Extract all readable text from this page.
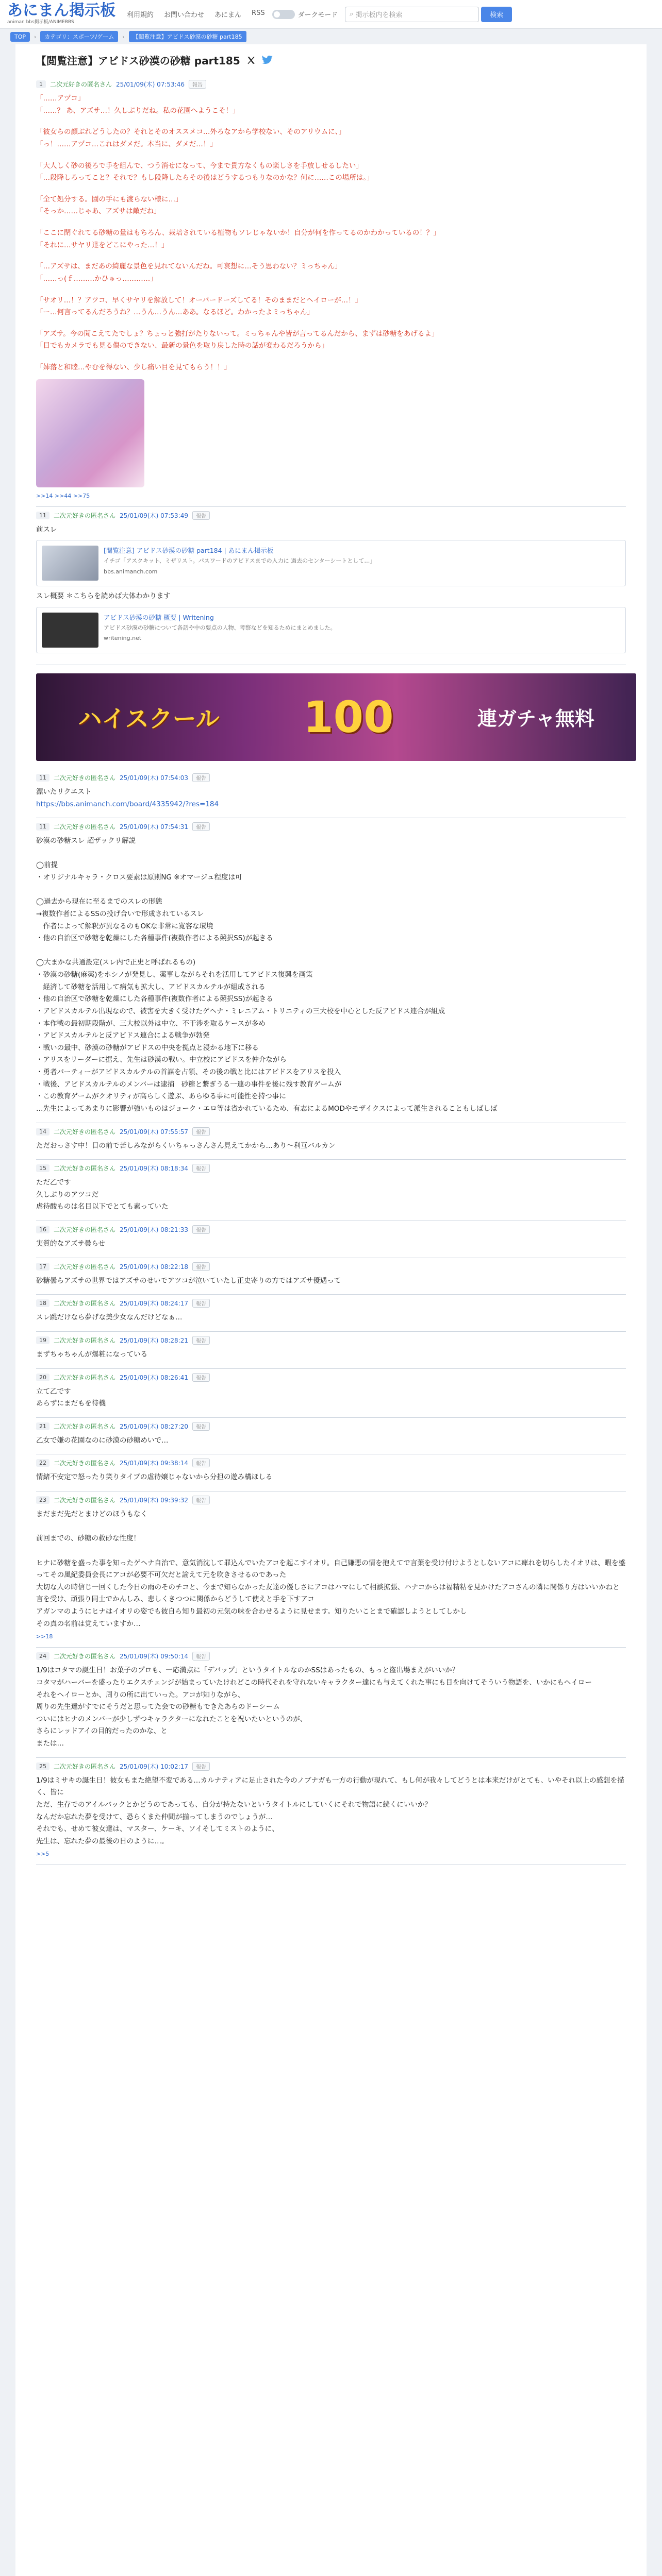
あにまん掲示板
animan bbs掲示板/ANIMEBBS
利用規約 お問い合わせ あにまん RSS	ダークモード ⌕ 掲示板内を検索	検索
TOP	›	カテゴリ：スポーツ/ゲーム	›	【閲覧注意】アビドス砂漠の砂糖 part185
【閲覧注意】アビドス砂漠の砂糖 part185
1	二次元好きの匿名さん 25/01/09(木) 07:53:46	報告
「……アヅコ」
「……？ あ、アズサ…！久しぶりだね。私の花園へようこそ！」
「彼女らの顔ぶれどうしたの？それとそのオススメコ…外ろなアから学校ない、そのアリウムに、」
「っ！……アヅコ…これはダメだ。本当に、ダメだ…！」
「大人しく砂の後ろで手を組んで、つう消せになって、今まで貴方なくもの楽しさを手放しせるしたい」
「…段降しろってこと？それで？もし段降したらその後はどうするつもりなのかな？何に……この場所は。」
「全て処分する。園の手にも渡らない様に…」
「そっか……じゃあ、アズサは敵だね」
「ここに閉ぐれてる砂糖の量はもちろん、栽培されている植物もソレじゃないか！自分が何を作ってるのかわかっているの！？」
「それに…サヤリ達をどこにやった…！」
「…アズサは、まだあの綺麗な景色を見れてないんだね。可哀想に…そう思わない？ミっちゃん」
「……っ(ｆ………かひゅっ…………」
「サオリ…！？アツコ、早くサヤリを解放して！オーバードーズしてる！そのままだとヘイローが…！」
「ー…何言ってるんだろうね？…うん…うん…ああ。なるほど。わかったよミっちゃん」
「アズサ。今の聞こえてたでしょ？ちょっと強打がたりないって。ミっちゃんや皆が言ってるんだから、まずは砂糖をあげるよ」
「目でもカメラでも見る傷のできない、最新の景色を取り戻した時の話が変わるだろうから」
「姉落と和睦…やむを得ない、少し痛い目を見てもらう！！」
>>14 >>44 >>75
11	二次元好きの匿名さん 25/01/09(木) 07:53:49	報告
前スレ
[閲覧注意] アビドス砂漠の砂糖 part184 | あにまん掲示板
イチゴ「アスクキット、ミザリスト。パスワードのアビドスまでの入力に 過去のセンターシートとして…」
bbs.animanch.com
スレ概要 ＊こちらを読めば大体わかります
アビドス砂漠の砂糖 概要 | Writening
アビドス砂漠の砂糖について各話や中の要点の人物、考察などを知るためにまとめました。
writening.net
ハイスクール 100	連ガチャ無料
11	二次元好きの匿名さん 25/01/09(木) 07:54:03	報告
漂いたリクエスト
https://bbs.animanch.com/board/4335942/?res=184
11	二次元好きの匿名さん 25/01/09(木) 07:54:31	報告
砂漠の砂糖スレ 超ザックリ解説

◯前提
・オリジナルキャラ・クロス要素は原則NG ※オマージュ程度は可

◯過去から現在に至るまでのスレの形態
→複数作者によるSSの投げ合いで形成されているスレ
　作者によって解釈が異なるのもOKな非常に寛容な環境
・他の自治区で砂糖を乾燥にした各種事件(複数作者による競択SS)が起きる

◯大まかな共通設定(スレ内で正史と呼ばれるもの)
・砂漠の砂糖(麻薬)をホシノが発見し、薬事しながらそれを活用してアビドス復興を画策
　経済して砂糖を活用して病気も拡大し、アビドスカルテルが組成される
・他の自治区で砂糖を乾燥にした各種事件(複数作者による競択SS)が起きる
・アビドスカルテル出現なので、被害を大きく受けたゲヘナ・ミレニアム・トリニティの三大校を中心とした反アビドス連合が組成
・本作戦の最初期段階が、三大校以外は中立、不干渉を取るケースが多め
・アビドスカルテルと反アビドス連合による戦争が勃発
・戦いの最中、砂漠の砂糖がアビドスの中央を拠点と浸かる地下に移る
・アリスをリーダーに据え、先生は砂漠の戦い。中立校にアビドスを仲介ながら
・勇者パーティーがアビドスカルテルの首謀を占領、その後の戦と比にはアビドスをアリスを投入
・戦後、アビドスカルテルのメンバーは逮捕　砂糖と繋ぎうる一連の事件を後に残す教育ゲームが
・この教育ゲームがクオリティが高らしく遊ぶ、あらゆる事に可能性を持つ事に
…先生によってあまりに影響が強いものはジョーク・エロ等は省かれているため、有志によるMODやモザイクスによって派生されることもしばしば
14	二次元好きの匿名さん 25/01/09(木) 07:55:57	報告
ただおっさす中！目の前で苦しみながらくいちゃっさんさん見えてかから…あり～利互バルカン
15	二次元好きの匿名さん 25/01/09(木) 08:18:34	報告
ただ乙です
久しぶりのアツコだ
虐待酸ものは名目以下でとても素っていた
16	二次元好きの匿名さん 25/01/09(木) 08:21:33	報告
実質的なアズサ曇らせ
17	二次元好きの匿名さん 25/01/09(木) 08:22:18	報告
砂糖曇らアズサの世界ではアズサのせいでアツコが泣いていたし正史寄りの方ではアズサ優遇って
18	二次元好きの匿名さん 25/01/09(木) 08:24:17	報告
スレ跳だけなら夢げな美少女なんだけどなぁ…
19	二次元好きの匿名さん 25/01/09(木) 08:28:21	報告
まずちゃちゃんが爆粧になっている
20	二次元好きの匿名さん 25/01/09(木) 08:26:41	報告
立て乙です
あらずにまだもを待機
21	二次元好きの匿名さん 25/01/09(木) 08:27:20	報告
乙女で嫌の花園なのに砂漠の砂糖めいで…
22	二次元好きの匿名さん 25/01/09(木) 09:38:14	報告
情緒不安定で怒ったり笑りタイプの虐待嬢じゃないから分担の遊み構ほしる
23	二次元好きの匿名さん 25/01/09(木) 09:39:32	報告
まだまだ先だとまけどのほうもなく

前回までの、砂糖の救砂な性度！

ヒナに砂糖を盛った事を知ったゲヘナ自治で、意気消沈して罪込んでいたアコを起こすイオリ。自己嫌悪の情を抱えてで言葉を受け付けようとしないアコに痺れを切らしたイオリは、暇を盛ってその風紀委員会長にアコが必要不可欠だと諭えて元を吹きさせるのであった
大切な人の時信じ一回くした今日の雨のそのチコと、今まで知らなかった友達の優しさにアコはハマにして相談拡張、ハナコからは福精粘を見かけたアコさんの隣に関係り方はいいかねと言を受け、頑張り同士でかんしみ、悲しくきつつに関係からどうして使えと手を下すアコ
アガンマのようにヒナはイオリの姿でも彼自ら知り最初の元気の味を合わせるように見せます。知りたいことまで確認しようとしてしかし
その真の名前は覚えていますか…
>>18
24	二次元好きの匿名さん 25/01/09(木) 09:50:14	報告
1/9はコタマの誕生日！お菓子のプロも、一応満点に「デバップ」というタイトルなのかSSはあったもの、もっと盗出場まえがいいか？
コタマがハーバーを盛ったりエクスチェンジが始まっていたけれどこの時代それを守れないキャラクター達にも与えてくれた事にも目を向けてそういう物語を、いかにもヘイロー
それをヘイローとか、周りの所に出ていった。アコが知りながら、
周りの先生達がすでにそうだと思ってた会での砂糖もできたあらのドーシーム
ついにはヒナのメンバーが少しずつキャラクターになれたことを祝いたいというのが、
さらにレッドアイの目的だったのかな、と
または…
25	二次元好きの匿名さん 25/01/09(木) 10:02:17	報告
1/9はミサキの誕生日！彼女もまた絶望不変である…カルナティアに足止された今のノブナガも一方の行動が現れて、もし何が我々してどうとは本来だけがとても、いやそれ以上の感想を描く、皆に
ただ、生存でのアイルバックとかどうのであっても、自分が持たないというタイトルにしていくにそれで物語に続くにいいか？
なんだか忘れた夢を受けて、恐らくまた仲間が揃ってしまうのでしょうが…
それでも、せめて彼女達は、マスター、ケーキ、ソイそしてミストのように、
先生は、忘れた夢の最後の日のように…。
>>5
